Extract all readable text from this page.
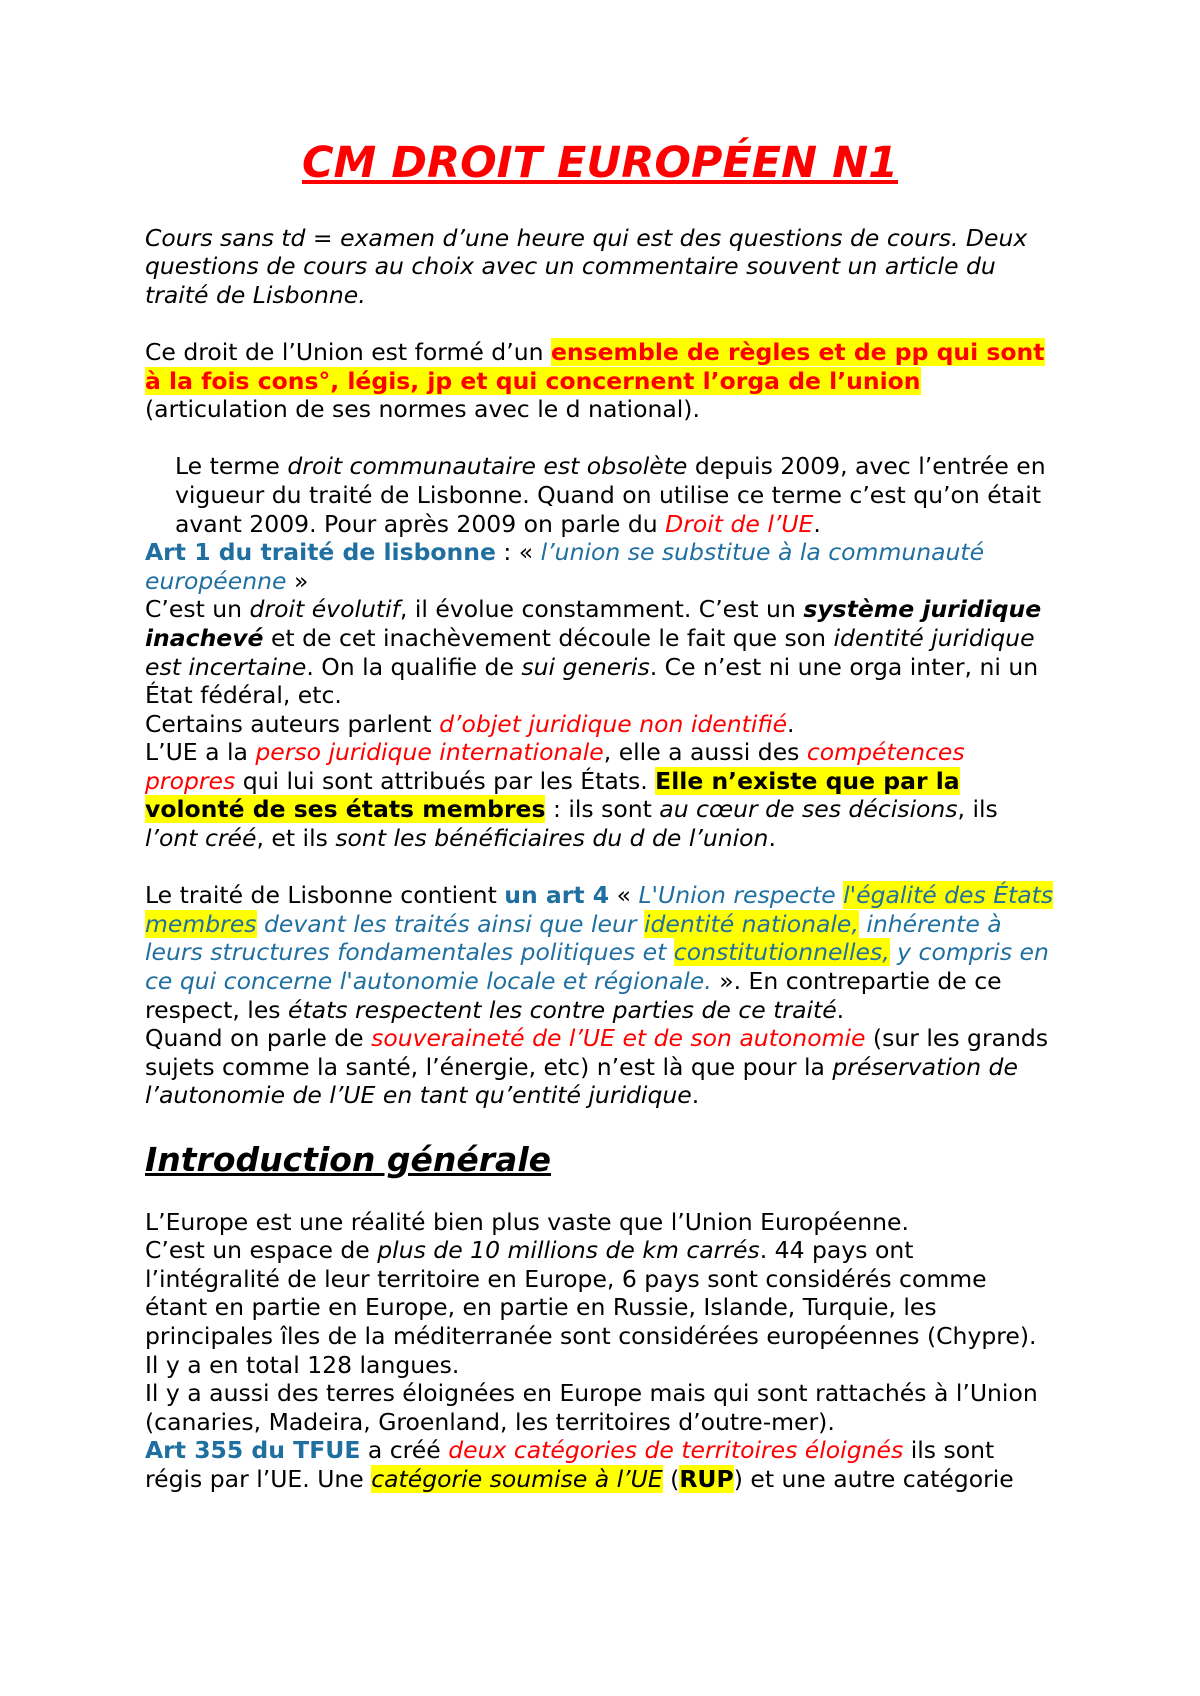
CM DROIT EUROPÉEN N1

Cours sans td = examen d’une heure qui est des questions de cours. Deux questions de cours au choix avec un commentaire souvent un article du traité de Lisbonne.

Ce droit de l’Union est formé d’un ensemble de règles et de pp qui sont à la fois cons°, légis, jp et qui concernent l’orga de l’union (articulation de ses normes avec le d national).

Le terme droit communautaire est obsolète depuis 2009, avec l’entrée en vigueur du traité de Lisbonne. Quand on utilise ce terme c’est qu’on était avant 2009. Pour après 2009 on parle du Droit de l’UE.

Art 1 du traité de lisbonne : « l’union se substitue à la communauté européenne »

C’est un droit évolutif, il évolue constamment. C’est un système juridique inachevé et de cet inachèvement découle le fait que son identité juridique est incertaine. On la qualifie de sui generis. Ce n’est ni une orga inter, ni un État fédéral, etc.

Certains auteurs parlent d’objet juridique non identifié.

L’UE a la perso juridique internationale, elle a aussi des compétences propres qui lui sont attribués par les États. Elle n’existe que par la volonté de ses états membres : ils sont au cœur de ses décisions, ils l’ont créé, et ils sont les bénéficiaires du d de l’union.

Le traité de Lisbonne contient un art 4 « L'Union respecte l'égalité des États membres devant les traités ainsi que leur identité nationale, inhérente à leurs structures fondamentales politiques et constitutionnelles, y compris en ce qui concerne l'autonomie locale et régionale. ». En contrepartie de ce respect, les états respectent les contre parties de ce traité.

Quand on parle de souveraineté de l’UE et de son autonomie (sur les grands sujets comme la santé, l’énergie, etc) n’est là que pour la préservation de l’autonomie de l’UE en tant qu’entité juridique.

Introduction générale

L’Europe est une réalité bien plus vaste que l’Union Européenne.

C’est un espace de plus de 10 millions de km carrés. 44 pays ont l’intégralité de leur territoire en Europe, 6 pays sont considérés comme étant en partie en Europe, en partie en Russie, Islande, Turquie, les principales îles de la méditerranée sont considérées européennes (Chypre).

Il y a en total 128 langues.

Il y a aussi des terres éloignées en Europe mais qui sont rattachés à l’Union (canaries, Madeira, Groenland, les territoires d’outre-mer).

Art 355 du TFUE a créé deux catégories de territoires éloignés ils sont régis par l’UE. Une catégorie soumise à l’UE (RUP) et une autre catégorie
